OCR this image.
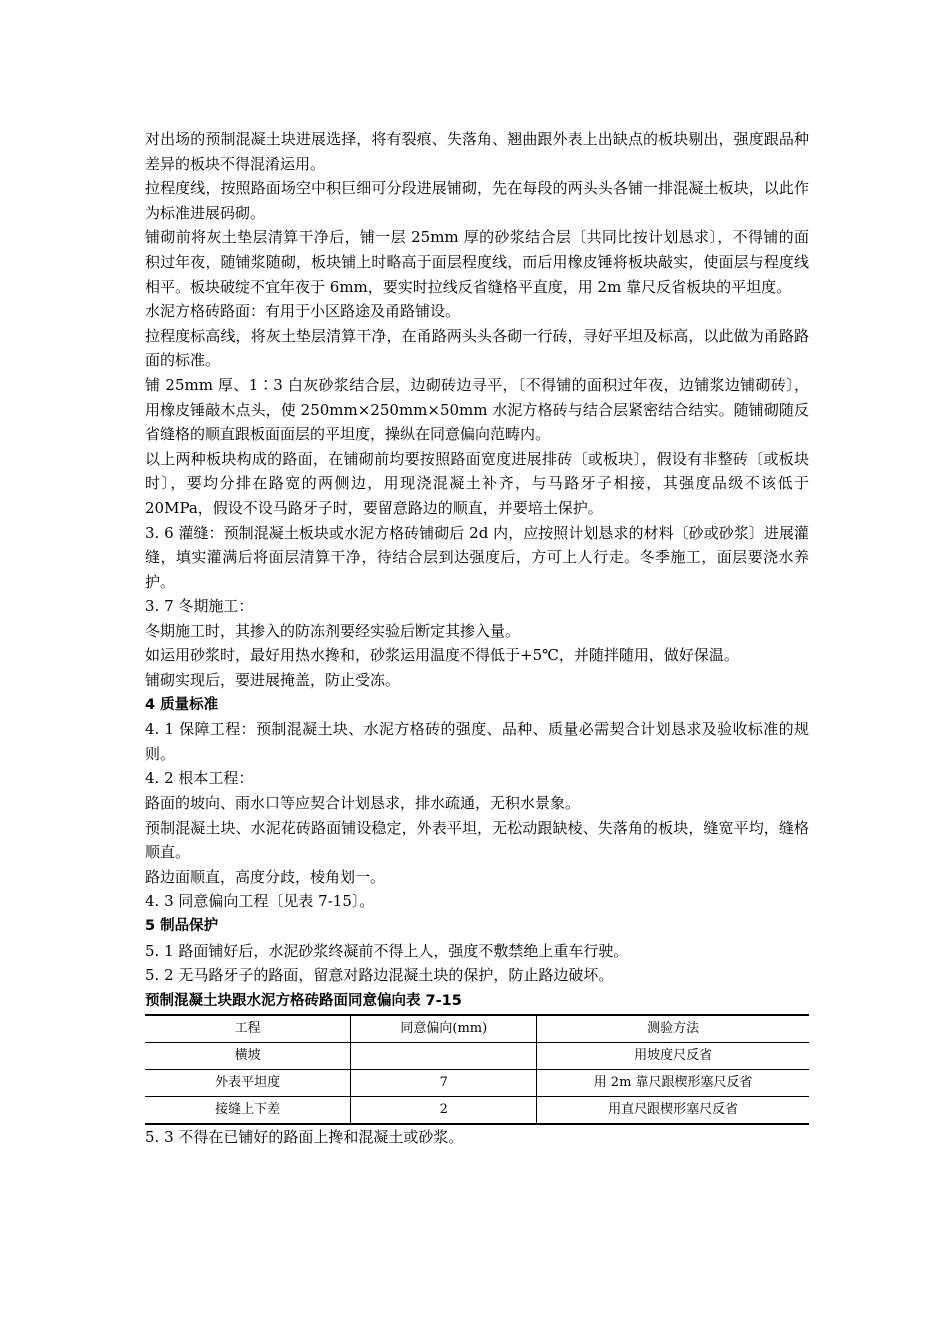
对出场的预制混凝土块进展选择，将有裂痕、失落角、翘曲跟外表上出缺点的板块剔出，强度跟品种差异的板块不得混淆运用。

拉程度线，按照路面场空中积巨细可分段进展铺砌，先在每段的两头头各铺一排混凝土板块，以此作为标准进展码砌。

铺砌前将灰土垫层清算干净后，铺一层 25mm 厚的砂浆结合层〔共同比按计划恳求〕，不得铺的面积过年夜，随铺浆随砌，板块铺上时略高于面层程度线，而后用橡皮锤将板块敲实，使面层与程度线相平。板块破绽不宜年夜于 6mm，要实时拉线反省缝格平直度，用 2m 靠尺反省板块的平坦度。

水泥方格砖路面：有用于小区路途及甬路铺设。

拉程度标高线，将灰土垫层清算干净，在甬路两头头各砌一行砖，寻好平坦及标高，以此做为甬路路面的标准。

铺 25mm 厚、1∶3 白灰砂浆结合层，边砌砖边寻平，〔不得铺的面积过年夜，边铺浆边铺砌砖〕，用橡皮锤敲木点头，使 250mm×250mm×50mm 水泥方格砖与结合层紧密结合结实。随铺砌随反省缝格的顺直跟板面面层的平坦度，操纵在同意偏向范畴内。

以上两种板块构成的路面，在铺砌前均要按照路面宽度进展排砖〔或板块〕，假设有非整砖〔或板块时〕，要均分排在路宽的两侧边，用现浇混凝土补齐，与马路牙子相接，其强度品级不该低于 20MPa，假设不设马路牙子时，要留意路边的顺直，并要培土保护。

3. 6 灌缝：预制混凝土板块或水泥方格砖铺砌后 2d 内，应按照计划恳求的材料〔砂或砂浆〕进展灌缝，填实灌满后将面层清算干净，待结合层到达强度后，方可上人行走。冬季施工，面层要浇水养护。

3. 7 冬期施工：

冬期施工时，其掺入的防冻剂要经实验后断定其掺入量。

如运用砂浆时，最好用热水搀和，砂浆运用温度不得低于+5℃，并随拌随用，做好保温。

铺砌实现后，要进展掩盖，防止受冻。

4 质量标准

4. 1 保障工程：预制混凝土块、水泥方格砖的强度、品种、质量必需契合计划恳求及验收标准的规则。

4. 2 根本工程：

路面的坡向、雨水口等应契合计划恳求，排水疏通，无积水景象。

预制混凝土块、水泥花砖路面铺设稳定，外表平坦，无松动跟缺棱、失落角的板块，缝宽平均，缝格顺直。

路边面顺直，高度分歧，棱角划一。

4. 3 同意偏向工程〔见表 7-15〕。

5 制品保护

5. 1 路面铺好后，水泥砂浆终凝前不得上人，强度不敷禁绝上重车行驶。

5. 2 无马路牙子的路面，留意对路边混凝土块的保护，防止路边破坏。

预制混凝土块跟水泥方格砖路面同意偏向表 7-15
工程	同意偏向(mm)	测验方法
横坡		用坡度尺反省
外表平坦度	7	用 2m 靠尺跟楔形塞尺反省
接缝上下差	2	用直尺跟楔形塞尺反省

5. 3 不得在已铺好的路面上搀和混凝土或砂浆。
